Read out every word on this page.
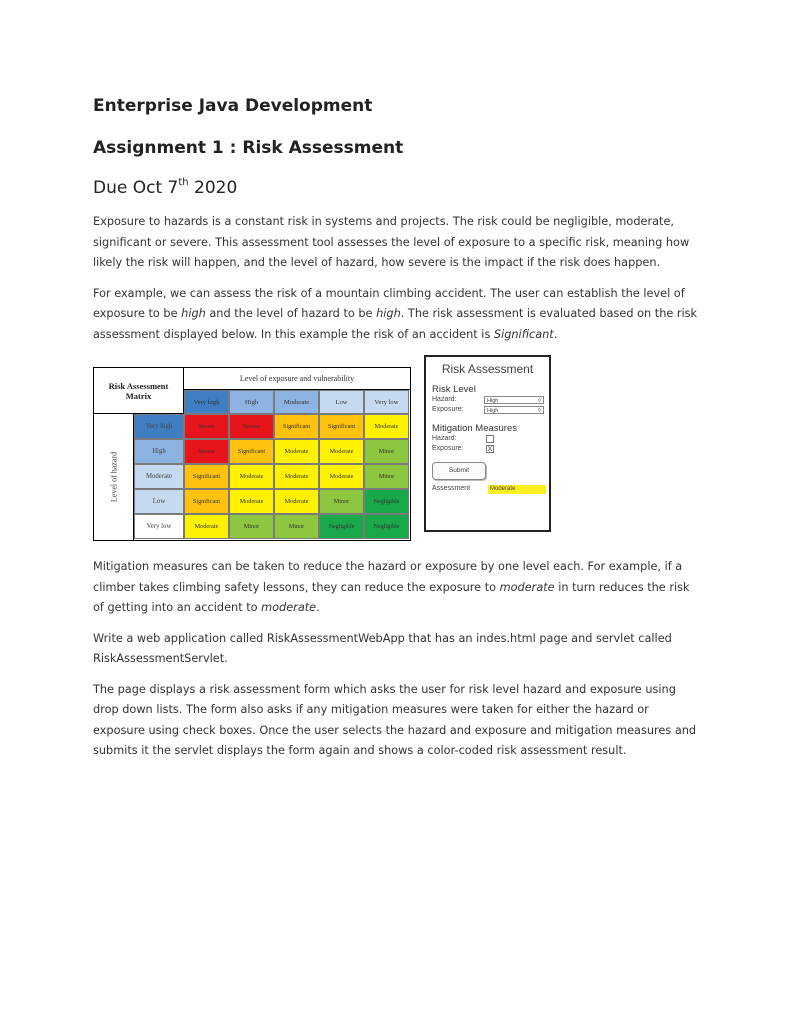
Enterprise Java Development
Assignment 1 : Risk Assessment
Due Oct 7th 2020

Exposure to hazards is a constant risk in systems and projects. The risk could be negligible, moderate, significant or severe. This assessment tool assesses the level of exposure to a specific risk, meaning how likely the risk will happen, and the level of hazard, how severe is the impact if the risk does happen.

For example, we can assess the risk of a mountain climbing accident. The user can establish the level of exposure to be high and the level of hazard to be high. The risk assessment is evaluated based on the risk assessment displayed below. In this example the risk of an accident is Significant.

Risk Assessment
Matrix
Level of exposure and vulnerability
Level of hazard
Very high	High	Moderate	Low	Very low
Very high	Severe	Severe	Significant	Significant	Moderate
High	Severe	Significant	Moderate	Moderate	Minor
Moderate	Significant	Moderate	Moderate	Moderate	Minor
Low	Significant	Moderate	Moderate	Minor	Negligible
Very low	Moderate	Minor	Minor	Negligible	Negligible
Risk Assessment
Risk Level
Hazard:	High	◊
Exposure:	High	◊
Mitigation Measures
Hazard:
Exposure:	X
Submit
Assessment	Moderate

Mitigation measures can be taken to reduce the hazard or exposure by one level each. For example, if a climber takes climbing safety lessons, they can reduce the exposure to moderate in turn reduces the risk of getting into an accident to moderate.

Write a web application called RiskAssessmentWebApp that has an indes.html page and servlet called RiskAssessmentServlet.

The page displays a risk assessment form which asks the user for risk level hazard and exposure using drop down lists. The form also asks if any mitigation measures were taken for either the hazard or exposure using check boxes. Once the user selects the hazard and exposure and mitigation measures and submits it the servlet displays the form again and shows a color-coded risk assessment result.
